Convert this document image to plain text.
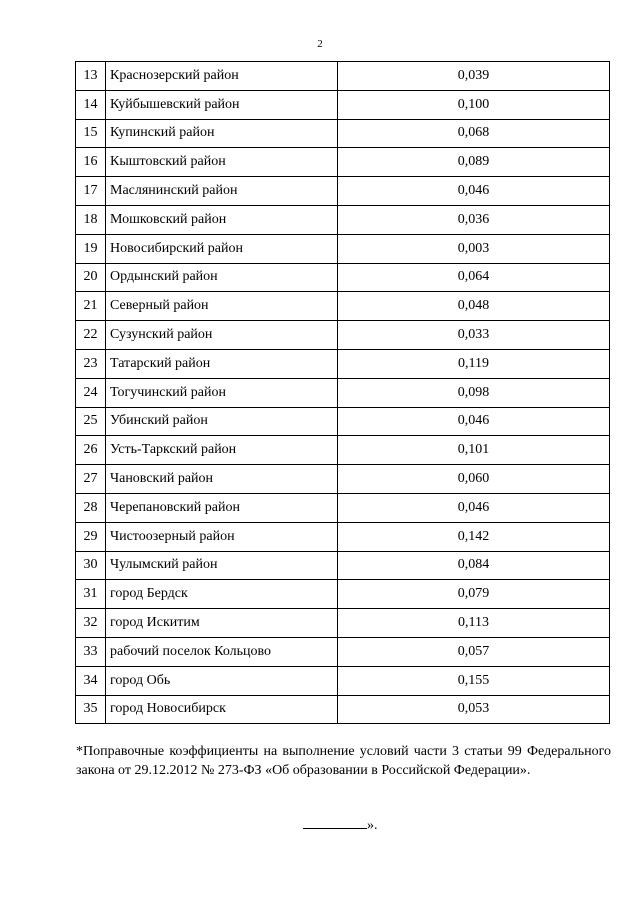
2
13	Краснозерский район	0,039
14	Куйбышевский район	0,100
15	Купинский район	0,068
16	Кыштовский район	0,089
17	Маслянинский район	0,046
18	Мошковский район	0,036
19	Новосибирский район	0,003
20	Ордынский район	0,064
21	Северный район	0,048
22	Сузунский район	0,033
23	Татарский район	0,119
24	Тогучинский район	0,098
25	Убинский район	0,046
26	Усть-Таркский район	0,101
27	Чановский район	0,060
28	Черепановский район	0,046
29	Чистоозерный район	0,142
30	Чулымский район	0,084
31	город Бердск	0,079
32	город Искитим	0,113
33	рабочий поселок Кольцово	0,057
34	город Обь	0,155
35	город Новосибирск	0,053
*Поправочные коэффициенты на выполнение условий части 3 статьи 99 Федерального закона от 29.12.2012 № 273-ФЗ «Об образовании в Российской Федерации».
».
